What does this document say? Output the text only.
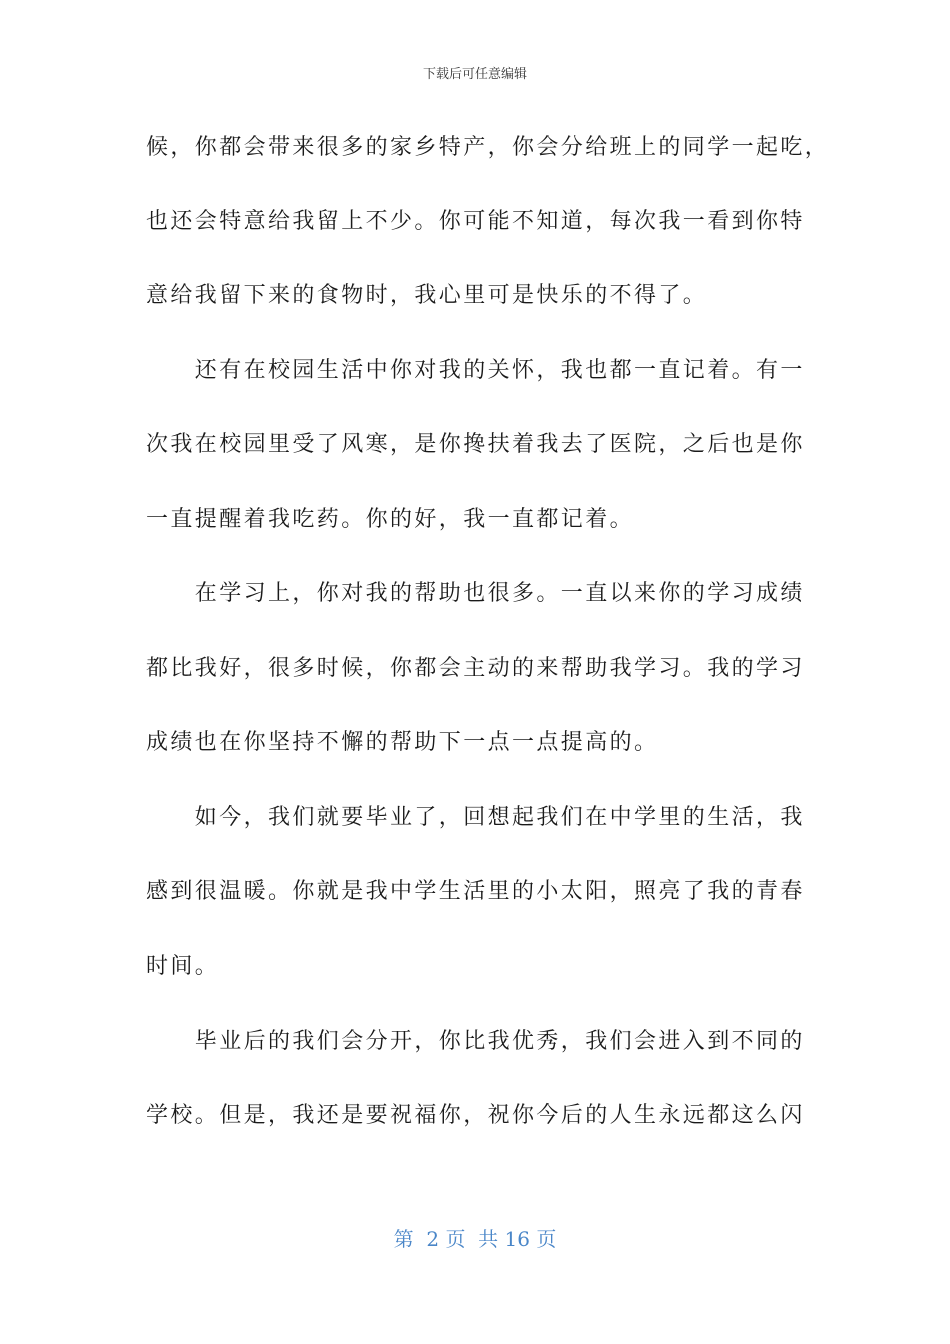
下载后可任意编辑
候，你都会带来很多的家乡特产，你会分给班上的同学一起吃，
也还会特意给我留上不少。你可能不知道，每次我一看到你特
意给我留下来的食物时，我心里可是快乐的不得了。
　　还有在校园生活中你对我的关怀，我也都一直记着。有一
次我在校园里受了风寒，是你搀扶着我去了医院，之后也是你
一直提醒着我吃药。你的好，我一直都记着。
　　在学习上，你对我的帮助也很多。一直以来你的学习成绩
都比我好，很多时候，你都会主动的来帮助我学习。我的学习
成绩也在你坚持不懈的帮助下一点一点提高的。
　　如今，我们就要毕业了，回想起我们在中学里的生活，我
感到很温暖。你就是我中学生活里的小太阳，照亮了我的青春
时间。
　　毕业后的我们会分开，你比我优秀，我们会进入到不同的
学校。但是，我还是要祝福你，祝你今后的人生永远都这么闪
第  2 页  共 16 页
